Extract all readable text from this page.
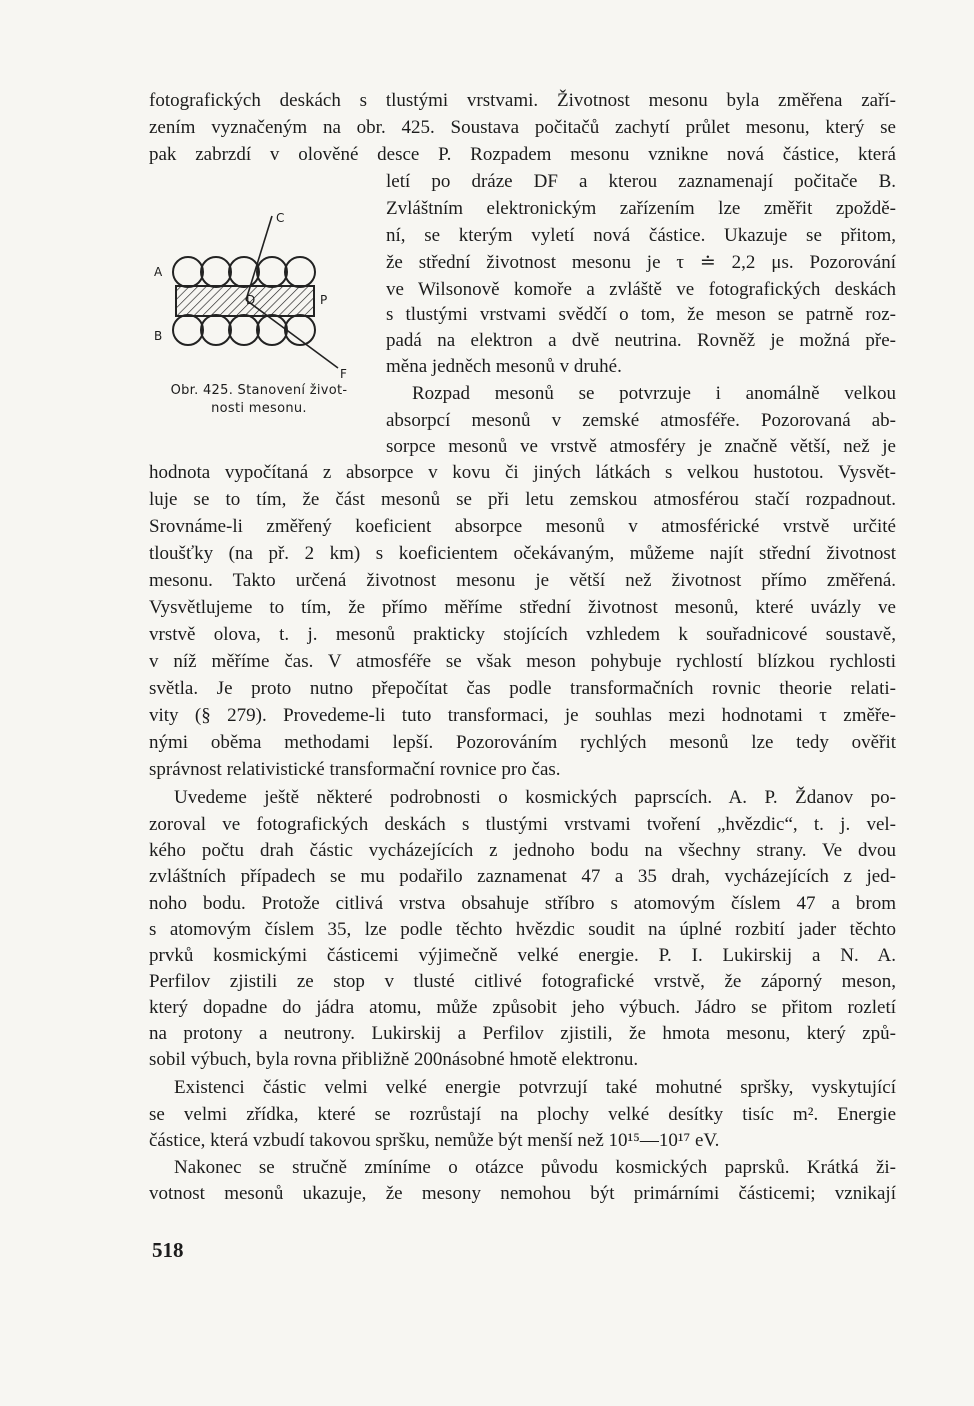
C
A
D	P
B
F
Obr. 425. Stanovení život-
nosti mesonu.
fotografických deskách s tlustými vrstvami. Životnost mesonu byla změřena zaří-
zením vyznačeným na obr. 425. Soustava počitačů zachytí průlet mesonu, který se
pak zabrzdí v olověné desce P. Rozpadem mesonu vznikne nová částice, která
letí po dráze DF a kterou zaznamenají počitače B.
Zvláštním elektronickým zařízením lze změřit zpoždě-
ní, se kterým vyletí nová částice. Ukazuje se přitom,
že střední životnost mesonu je τ ≐ 2,2 μs. Pozorování
ve Wilsonově komoře a zvláště ve fotografických deskách
s tlustými vrstvami svědčí o tom, že meson se patrně roz-
padá na elektron a dvě neutrina. Rovněž je možná pře-
měna jedněch mesonů v druhé.
Rozpad mesonů se potvrzuje i anomálně velkou
absorpcí mesonů v zemské atmosféře. Pozorovaná ab-
sorpce mesonů ve vrstvě atmosféry je značně větší, než je
hodnota vypočítaná z absorpce v kovu či jiných látkách s velkou hustotou. Vysvět-
luje se to tím, že část mesonů se při letu zemskou atmosférou stačí rozpadnout.
Srovnáme-li změřený koeficient absorpce mesonů v atmosférické vrstvě určité
tloušťky (na př. 2 km) s koeficientem očekávaným, můžeme najít střední životnost
mesonu. Takto určená životnost mesonu je větší než životnost přímo změřená.
Vysvětlujeme to tím, že přímo měříme střední životnost mesonů, které uvázly ve
vrstvě olova, t. j. mesonů prakticky stojících vzhledem k souřadnicové soustavě,
v níž měříme čas. V atmosféře se však meson pohybuje rychlostí blízkou rychlosti
světla. Je proto nutno přepočítat čas podle transformačních rovnic theorie relati-
vity (§ 279). Provedeme-li tuto transformaci, je souhlas mezi hodnotami τ změře-
nými oběma methodami lepší. Pozorováním rychlých mesonů lze tedy ověřit
správnost relativistické transformační rovnice pro čas.
Uvedeme ještě některé podrobnosti o kosmických paprscích. A. P. Ždanov po-
zoroval ve fotografických deskách s tlustými vrstvami tvoření „hvězdic“, t. j. vel-
kého počtu drah částic vycházejících z jednoho bodu na všechny strany. Ve dvou
zvláštních případech se mu podařilo zaznamenat 47 a 35 drah, vycházejících z jed-
noho bodu. Protože citlivá vrstva obsahuje stříbro s atomovým číslem 47 a brom
s atomovým číslem 35, lze podle těchto hvězdic soudit na úplné rozbití jader těchto
prvků kosmickými částicemi výjimečně velké energie. P. I. Lukirskij a N. A.
Perfilov zjistili ze stop v tlusté citlivé fotografické vrstvě, že záporný meson,
který dopadne do jádra atomu, může způsobit jeho výbuch. Jádro se přitom rozletí
na protony a neutrony. Lukirskij a Perfilov zjistili, že hmota mesonu, který způ-
sobil výbuch, byla rovna přibližně 200násobné hmotě elektronu.
Existenci částic velmi velké energie potvrzují také mohutné spršky, vyskytující
se velmi zřídka, které se rozrůstají na plochy velké desítky tisíc m². Energie
částice, která vzbudí takovou spršku, nemůže být menší než 10¹⁵—10¹⁷ eV.
Nakonec se stručně zmíníme o otázce původu kosmických paprsků. Krátká ži-
votnost mesonů ukazuje, že mesony nemohou být primárními částicemi; vznikají
518
